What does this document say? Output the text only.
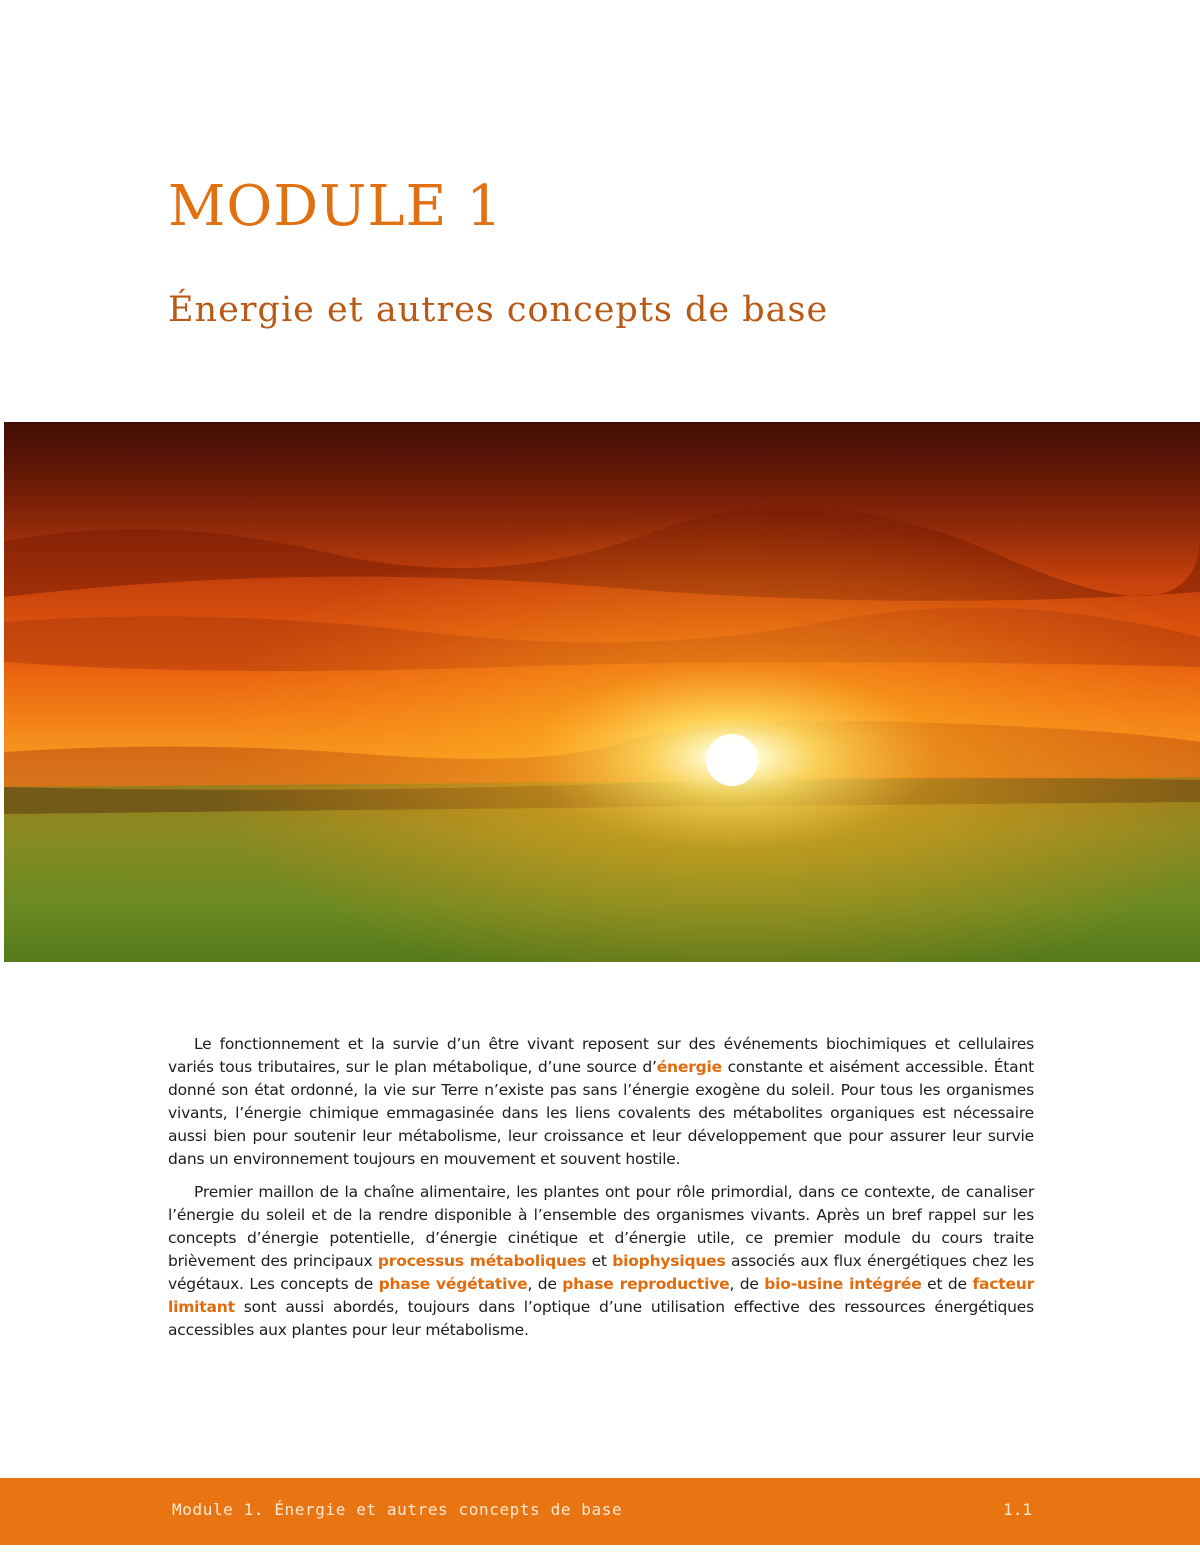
MODULE 1
Énergie et autres concepts de base

Le fonctionnement et la survie d’un être vivant reposent sur des événements biochimiques et cellulaires variés tous tributaires, sur le plan métabolique, d’une source d’énergie constante et aisément accessible. Étant donné son état ordonné, la vie sur Terre n’existe pas sans l’énergie exogène du soleil. Pour tous les organismes vivants, l’énergie chimique emmagasinée dans les liens covalents des métabolites organiques est nécessaire aussi bien pour soutenir leur métabolisme, leur croissance et leur développement que pour assurer leur survie dans un environnement toujours en mouvement et souvent hostile.

Premier maillon de la chaîne alimentaire, les plantes ont pour rôle primordial, dans ce contexte, de canaliser l’énergie du soleil et de la rendre disponible à l’ensemble des organismes vivants. Après un bref rappel sur les concepts d’énergie potentielle, d’énergie cinétique et d’énergie utile, ce premier module du cours traite brièvement des principaux processus métaboliques et biophysiques associés aux flux énergétiques chez les végétaux. Les concepts de phase végétative, de phase reproductive, de bio-usine intégrée et de facteur limitant sont aussi abordés, toujours dans l’optique d’une utilisation effective des ressources énergétiques accessibles aux plantes pour leur métabolisme.

Module 1. Énergie et autres concepts de base	1.1
